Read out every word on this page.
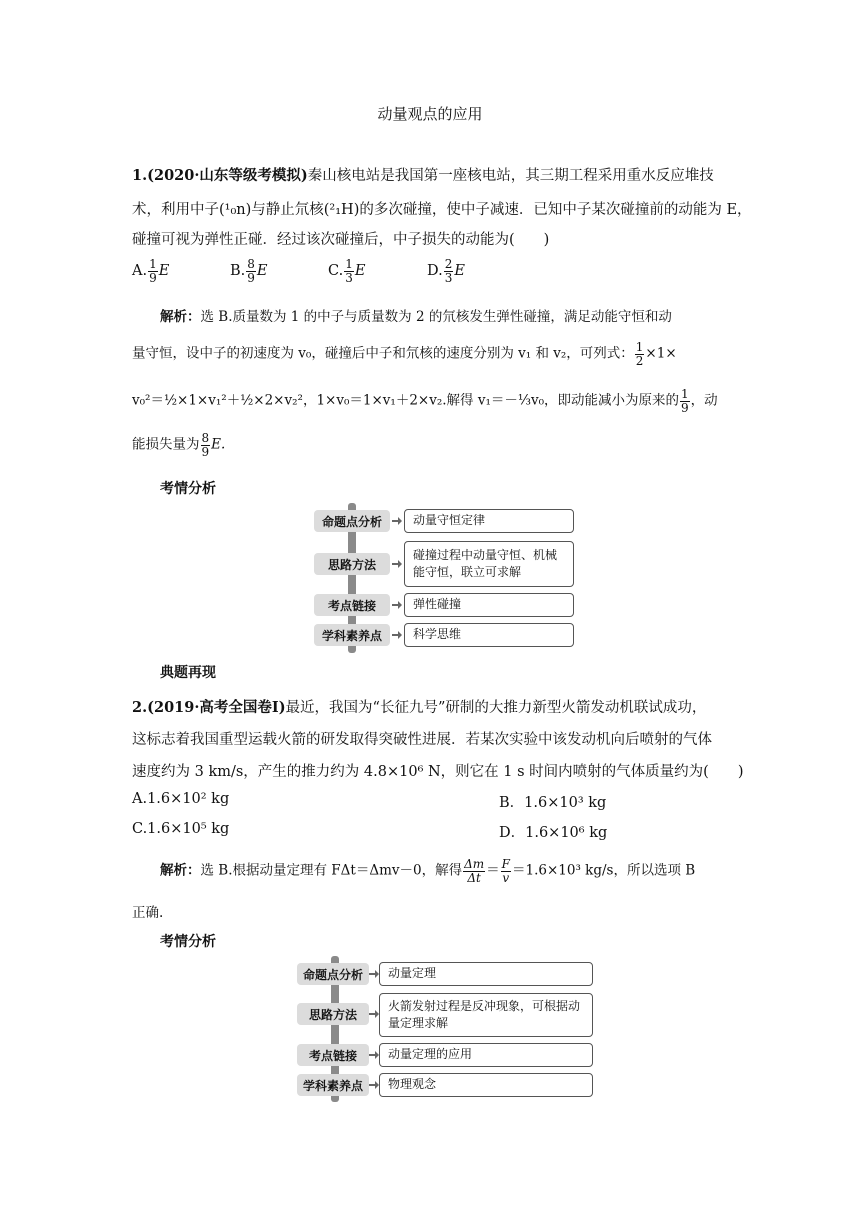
动量观点的应用
1.(2020·山东等级考模拟)秦山核电站是我国第一座核电站，其三期工程采用重水反应堆技
术，利用中子(¹₀n)与静止氘核(²₁H)的多次碰撞，使中子减速．已知中子某次碰撞前的动能为 E，
碰撞可视为弹性正碰．经过该次碰撞后，中子损失的动能为(　　)
A. $\frac{1}{9}$ E	B. $\frac{8}{9}$ E	C. $\frac{1}{3}$ E	D. $\frac{2}{3}$ E
解析：选 B.质量数为 1 的中子与质量数为 2 的氘核发生弹性碰撞，满足动能守恒和动
量守恒，设中子的初速度为 v₀，碰撞后中子和氘核的速度分别为 v₁ 和 v₂，可列式： $\frac{1}{2} \times 1\times$
v₀²＝½×1×v₁²＋½×2×v₂²，1×v₀＝1×v₁＋2×v₂.解得 v₁＝－⅓v₀，即动能减小为原来的 $\frac{1}{9}$ ，动
能损失量为 $\frac{8}{9} E$.
考情分析
命题点分析	动量守恒定律
思路方法
碰撞过程中动量守恒、机械能守恒，联立可求解
考点链接	弹性碰撞
学科素养点	科学思维
典题再现
2.(2019·高考全国卷Ⅰ)最近，我国为“长征九号”研制的大推力新型火箭发动机联试成功，
这标志着我国重型运载火箭的研发取得突破性进展．若某次实验中该发动机向后喷射的气体
速度约为 3 km/s，产生的推力约为 4.8×10⁶ N，则它在 1 s 时间内喷射的气体质量约为(　　)
A.1.6×10² kg	B．1.6×10³ kg
C.1.6×10⁵ kg	D．1.6×10⁶ kg
解析：选 B.根据动量定理有 FΔt＝Δmv－0，解得 $\frac{\Delta m}{\Delta t} = \frac{F}{v} =1.6\times 10^3$ kg/s，所以选项 B
正确.
考情分析
命题点分析	动量定理
思路方法
火箭发射过程是反冲现象，可根据动量定理求解
考点链接	动量定理的应用
学科素养点	物理观念
